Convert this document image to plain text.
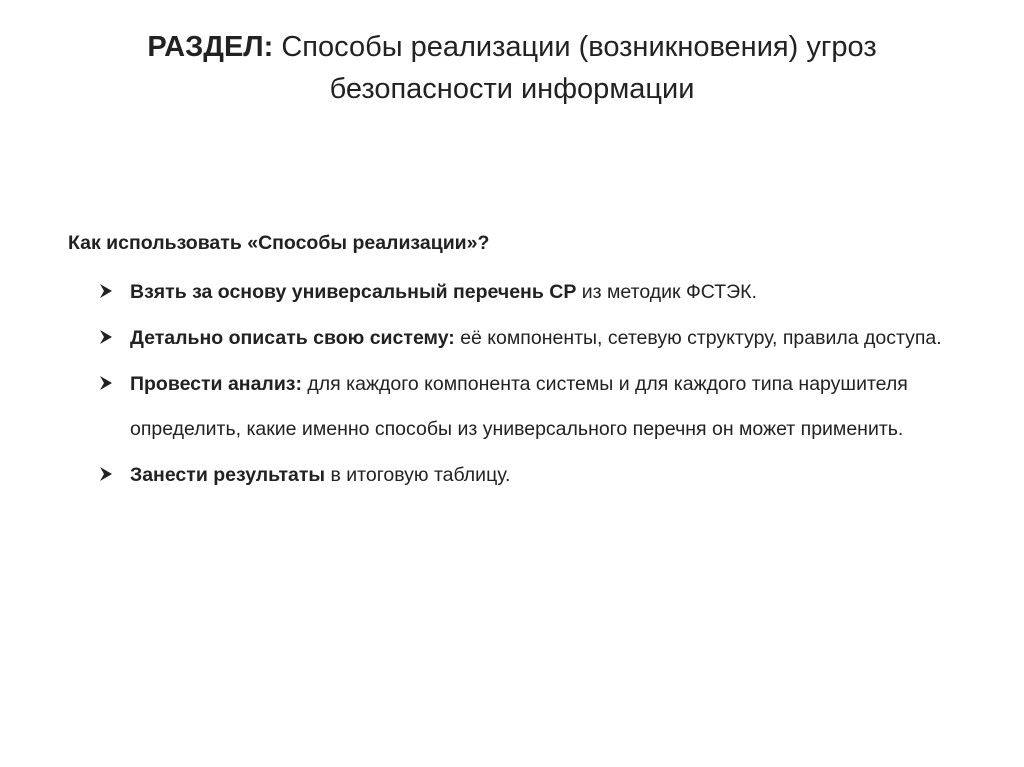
РАЗДЕЛ: Способы реализации (возникновения) угроз безопасности информации
Как использовать «Способы реализации»?
Взять за основу универсальный перечень СР из методик ФСТЭК.
Детально описать свою систему: её компоненты, сетевую структуру, правила доступа.
Провести анализ: для каждого компонента системы и для каждого типа нарушителя определить, какие именно способы из универсального перечня он может применить.
Занести результаты в итоговую таблицу.
